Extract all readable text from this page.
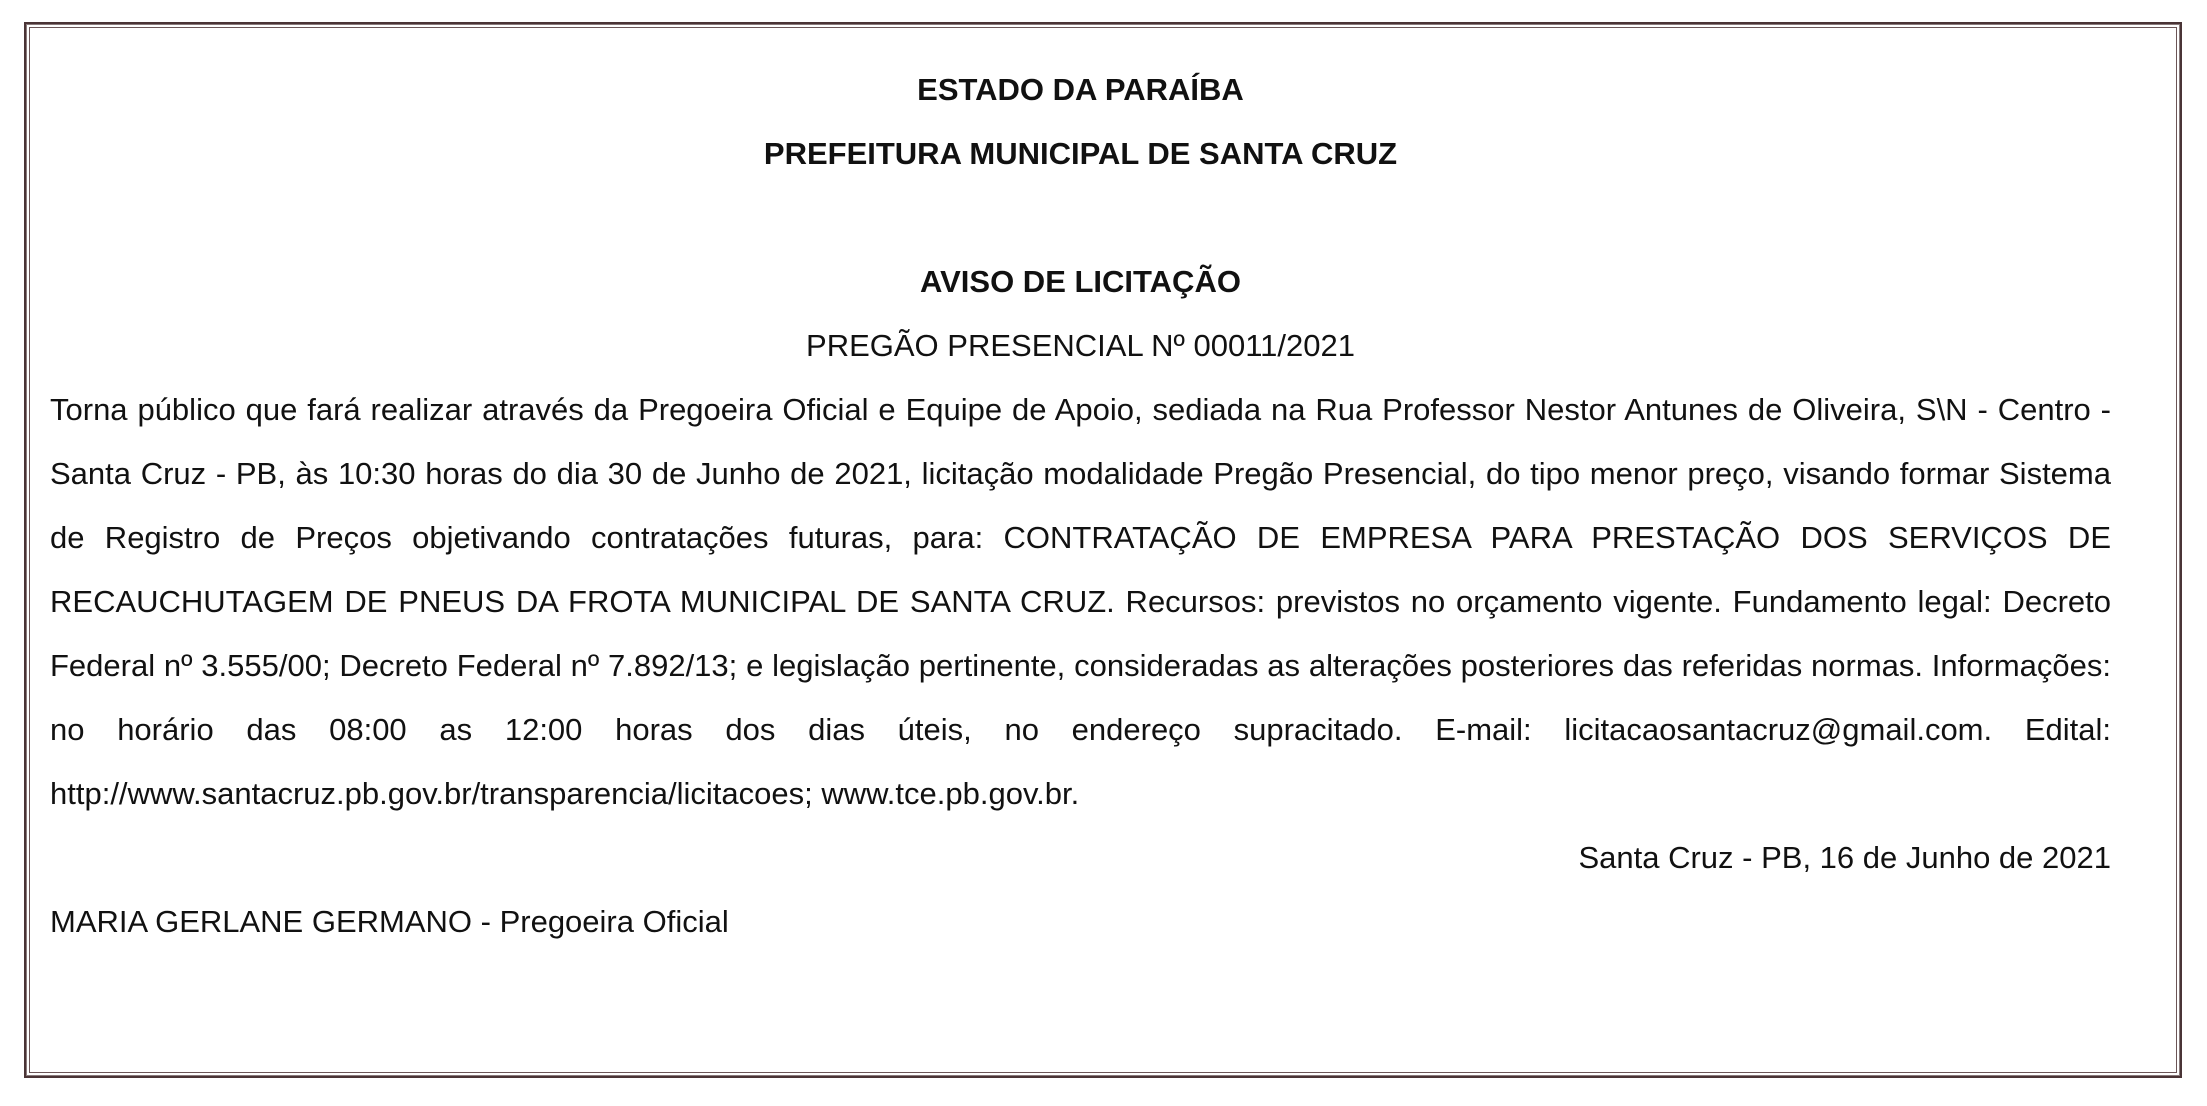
ESTADO DA PARAÍBA

PREFEITURA MUNICIPAL DE SANTA CRUZ

AVISO DE LICITAÇÃO

PREGÃO PRESENCIAL Nº 00011/2021
Torna público que fará realizar através da Pregoeira Oficial e Equipe de Apoio, sediada na Rua Professor Nestor Antunes de Oliveira, S\N - Centro - Santa Cruz - PB, às 10:30 horas do dia 30 de Junho de 2021, licitação modalidade Pregão Presencial, do tipo menor preço, visando formar Sistema de Registro de Preços objetivando contratações futuras, para: CONTRATAÇÃO DE EMPRESA PARA PRESTAÇÃO DOS SERVIÇOS DE RECAUCHUTAGEM DE PNEUS DA FROTA MUNICIPAL DE SANTA CRUZ. Recursos: previstos no orçamento vigente. Fundamento legal: Decreto Federal nº 3.555/00; Decreto Federal nº 7.892/13; e legislação pertinente, consideradas as alterações posteriores das referidas normas. Informações: no horário das 08:00 as 12:00 horas dos dias úteis, no endereço supracitado. E-mail: licitacaosantacruz@gmail.com. Edital: http://www.santacruz.pb.gov.br/transparencia/licitacoes; www.tce.pb.gov.br.
Santa Cruz - PB, 16 de Junho de 2021
MARIA GERLANE GERMANO - Pregoeira Oficial
